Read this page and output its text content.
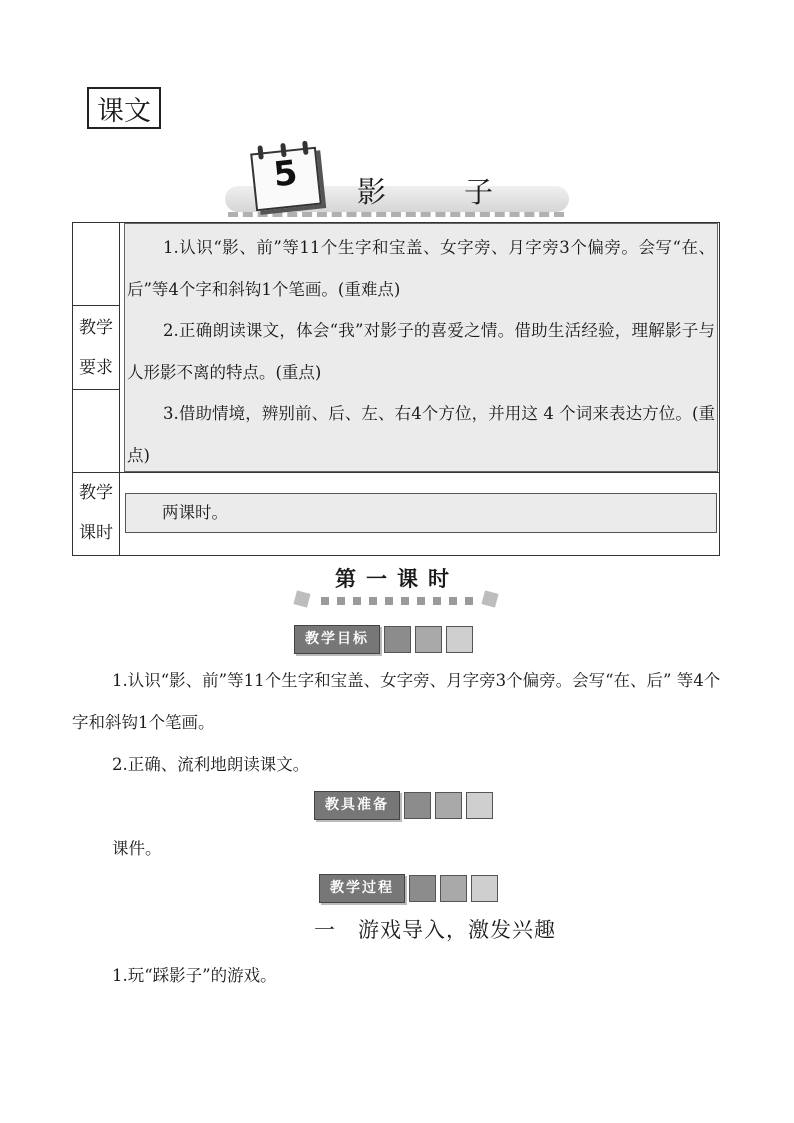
课文
5	影子
教学
要求

1.认识“影、前”等11个生字和宝盖、女字旁、月字旁3个偏旁。会写“在、后”等4个字和斜钩1个笔画。(重难点)

2.正确朗读课文，体会“我”对影子的喜爱之情。借助生活经验，理解影子与人形影不离的特点。(重点)

3.借助情境，辨别前、后、左、右4个方位，并用这 4 个词来表达方位。(重点)

教学
课时
两课时。
第一课时
教学目标

1.认识“影、前”等11个生字和宝盖、女字旁、月字旁3个偏旁。会写“在、后” 等4个字和斜钩1个笔画。

2.正确、流利地朗读课文。

教具准备

课件。

教学过程
一　游戏导入，激发兴趣

1.玩“踩影子”的游戏。
